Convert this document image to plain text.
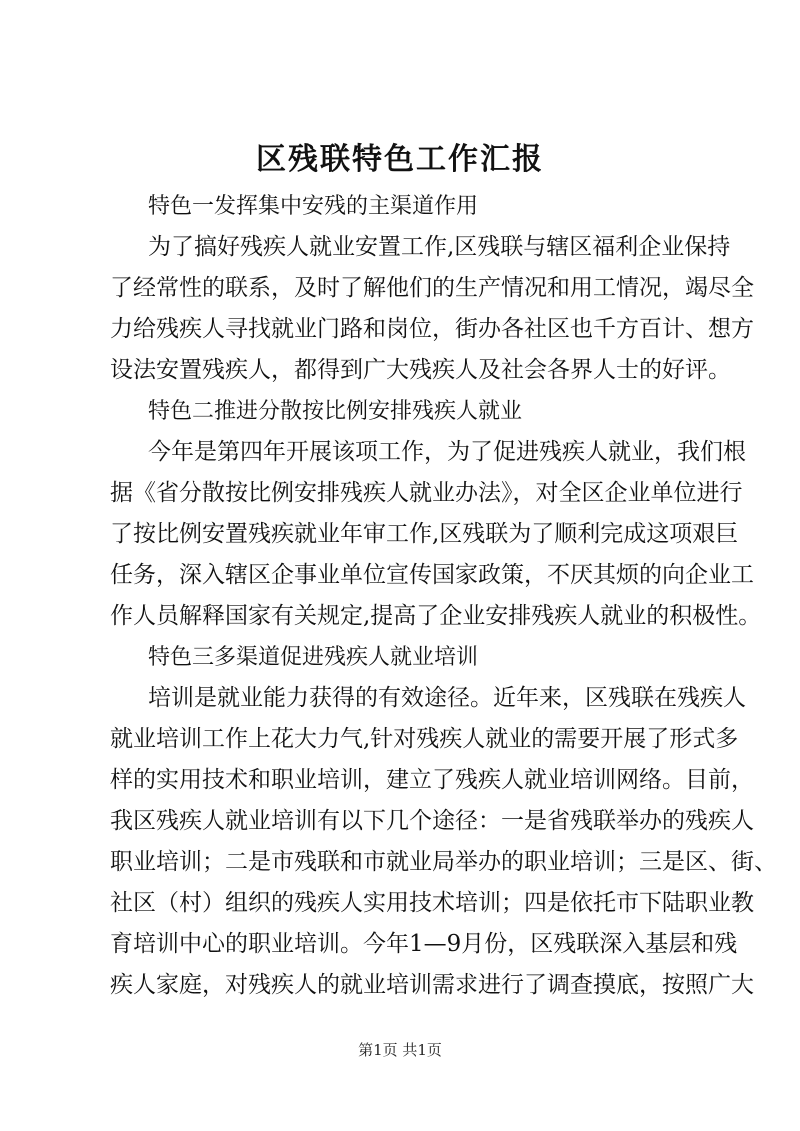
区残联特色工作汇报
特色一发挥集中安残的主渠道作用
为了搞好残疾人就业安置工作,区残联与辖区福利企业保持
了经常性的联系，及时了解他们的生产情况和用工情况，竭尽全
力给残疾人寻找就业门路和岗位，街办各社区也千方百计、想方
设法安置残疾人，都得到广大残疾人及社会各界人士的好评。
特色二推进分散按比例安排残疾人就业
今年是第四年开展该项工作，为了促进残疾人就业，我们根
据《省分散按比例安排残疾人就业办法》，对全区企业单位进行
了按比例安置残疾就业年审工作,区残联为了顺利完成这项艰巨
任务，深入辖区企事业单位宣传国家政策，不厌其烦的向企业工
作人员解释国家有关规定,提高了企业安排残疾人就业的积极性。
特色三多渠道促进残疾人就业培训
培训是就业能力获得的有效途径。近年来，区残联在残疾人
就业培训工作上花大力气,针对残疾人就业的需要开展了形式多
样的实用技术和职业培训，建立了残疾人就业培训网络。目前，
我区残疾人就业培训有以下几个途径：一是省残联举办的残疾人
职业培训；二是市残联和市就业局举办的职业培训；三是区、街、
社区（村）组织的残疾人实用技术培训；四是依托市下陆职业教
育培训中心的职业培训。今年1—9月份，区残联深入基层和残
疾人家庭，对残疾人的就业培训需求进行了调查摸底，按照广大
第1页 共1页
